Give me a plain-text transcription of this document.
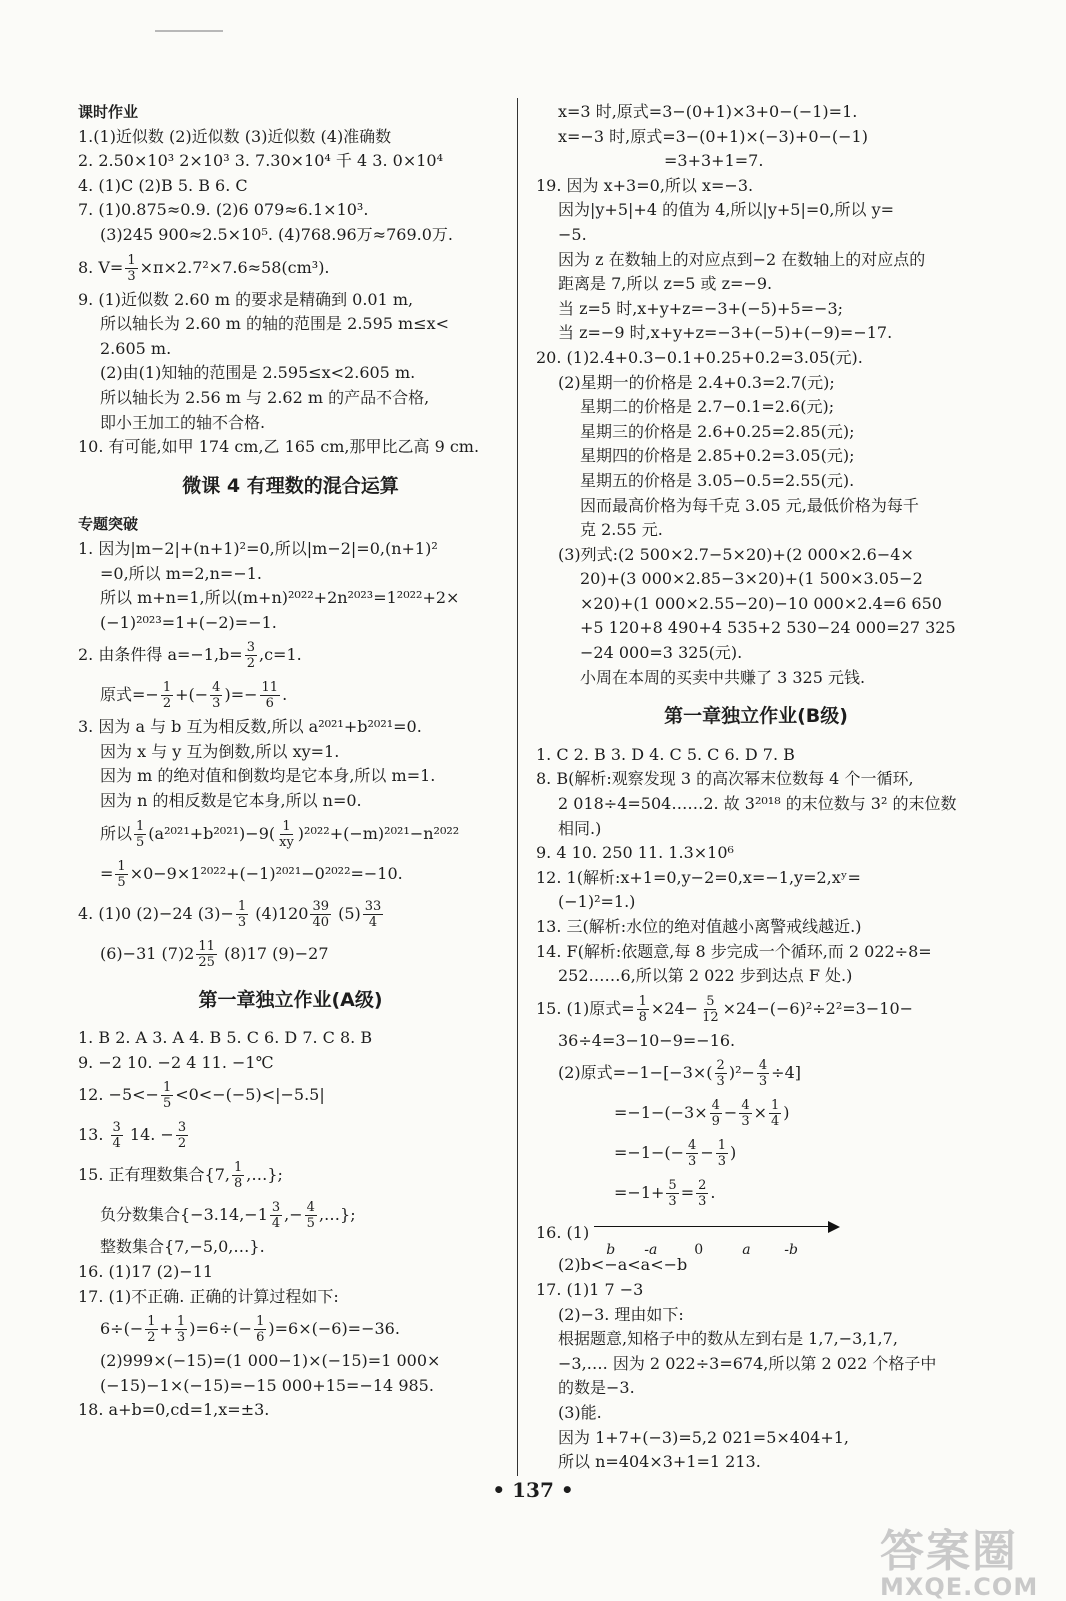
课时作业
1.(1)近似数 (2)近似数 (3)近似数 (4)准确数
2. 2.50×10³ 2×10³ 3. 7.30×10⁴ 千 4 3. 0×10⁴
4. (1)C (2)B 5. B 6. C
7. (1)0.875≈0.9. (2)6 079≈6.1×10³.
(3)245 900≈2.5×10⁵. (4)768.96万≈769.0万.
8. $V= \frac{1}{3} \times\pi\times 2.7^2\times 7.6\approx 58(cm^3)$.
9. (1)近似数 2.60 m 的要求是精确到 0.01 m,
所以轴长为 2.60 m 的轴的范围是 2.595 m≤x<
2.605 m.
(2)由(1)知轴的范围是 2.595≤x<2.605 m.
所以轴长为 2.56 m 与 2.62 m 的产品不合格,
即小王加工的轴不合格.
10. 有可能,如甲 174 cm,乙 165 cm,那甲比乙高 9 cm.
微课 4 有理数的混合运算
专题突破
1. 因为|m−2|+(n+1)²=0,所以|m−2|=0,(n+1)²
=0,所以 m=2,n=−1.
所以 m+n=1,所以(m+n)²⁰²²+2n²⁰²³=1²⁰²²+2×
(−1)²⁰²³=1+(−2)=−1.
2. 由条件得 $a=-1,b= \frac{3}{2} ,c=1$.
原式=− $\frac{1}{2}$ +(− $\frac{4}{3}$ )=− $\frac{11}{6}$ .
3. 因为 a 与 b 互为相反数,所以 a²⁰²¹+b²⁰²¹=0.
因为 x 与 y 互为倒数,所以 xy=1.
因为 m 的绝对值和倒数均是它本身,所以 m=1.
因为 n 的相反数是它本身,所以 n=0.
所以 $\frac{1}{5} (a^{2021}+b^{2021})-9( \frac{1}{xy} )^{2022}+(-m)^{2021}-n^{2022}$
= $\frac{1}{5} \times 0-9\times 1^{2022}+(-1)^{2021}-0^{2022}=-10$.
4. (1)0 (2)−24 $(3)- \frac{1}{3} (4)120 \frac{39}{40} (5) \frac{33}{4}$
(6)−31 $(7)2 \frac{11}{25} (8)17$ (9)−27
第一章独立作业(A级)
1. B 2. A 3. A 4. B 5. C 6. D 7. C 8. B
9. −2 10. −2 4 11. −1℃
12. $-5<- \frac{1}{5} <0<-(-5)<|-5.5|$
13. $\frac{3}{4} 14$. − $\frac{3}{2}$
15. 正有理数集合{7, $\frac{1}{8}$ ,…};
负分数集合{$-3.14,-1 \frac{3}{4}$ ,− $\frac{4}{5}$ ,…};
整数集合{7,−5,0,…}.
16. (1)17 (2)−11
17. (1)不正确. 正确的计算过程如下:
$6\div(- \frac{1}{2} + \frac{1}{3} )=6\div(- \frac{1}{6} )=6\times(-6)=-36$.
(2)999×(−15)=(1 000−1)×(−15)=1 000×
(−15)−1×(−15)=−15 000+15=−14 985.
18. a+b=0,cd=1,x=±3.
x=3 时,原式=3−(0+1)×3+0−(−1)=1.
x=−3 时,原式=3−(0+1)×(−3)+0−(−1)
=3+3+1=7.
19. 因为 x+3=0,所以 x=−3.
因为|y+5|+4 的值为 4,所以|y+5|=0,所以 y=
−5.
因为 z 在数轴上的对应点到−2 在数轴上的对应点的
距离是 7,所以 z=5 或 z=−9.
当 z=5 时,x+y+z=−3+(−5)+5=−3;
当 z=−9 时,x+y+z=−3+(−5)+(−9)=−17.
20. (1)2.4+0.3−0.1+0.25+0.2=3.05(元).
(2)星期一的价格是 2.4+0.3=2.7(元);
星期二的价格是 2.7−0.1=2.6(元);
星期三的价格是 2.6+0.25=2.85(元);
星期四的价格是 2.85+0.2=3.05(元);
星期五的价格是 3.05−0.5=2.55(元).
因而最高价格为每千克 3.05 元,最低价格为每千
克 2.55 元.
(3)列式:(2 500×2.7−5×20)+(2 000×2.6−4×
20)+(3 000×2.85−3×20)+(1 500×3.05−2
×20)+(1 000×2.55−20)−10 000×2.4=6 650
+5 120+8 490+4 535+2 530−24 000=27 325
−24 000=3 325(元).
小周在本周的买卖中共赚了 3 325 元钱.
第一章独立作业(B级)
1. C 2. B 3. D 4. C 5. C 6. D 7. B
8. B(解析:观察发现 3 的高次幂末位数每 4 个一循环,
2 018÷4=504……2. 故 3²⁰¹⁸ 的末位数与 3² 的末位数
相同.)
9. 4 10. 250 11. 1.3×10⁶
12. 1(解析:x+1=0,y−2=0,x=−1,y=2,xʸ=
(−1)²=1.)
13. 三(解析:水位的绝对值越小离警戒线越近.)
14. F(解析:依题意,每 8 步完成一个循环,而 2 022÷8=
252……6,所以第 2 022 步到达点 F 处.)
15. (1)原式= $\frac{1}{8} \times 24- \frac{5}{12} \times 24-(-6)^2\div 2^2=3-10-$
36÷4=3−10−9=−16.
(2)原式$=-1-[-3\times( \frac{2}{3} )^2- \frac{4}{3} \div 4]$
$=-1-(-3\times \frac{4}{9} - \frac{4}{3} \times \frac{1}{4}$ )
$=-1-(- \frac{4}{3} - \frac{1}{3}$ )
$=-1+ \frac{5}{3} = \frac{2}{3}$ .
16. (1)
b -a	0	a -b
(2)b<−a<a<−b
17. (1)1 7 −3
(2)−3. 理由如下:
根据题意,知格子中的数从左到右是 1,7,−3,1,7,
−3,…. 因为 2 022÷3=674,所以第 2 022 个格子中
的数是−3.
(3)能.
因为 1+7+(−3)=5,2 021=5×404+1,
所以 n=404×3+1=1 213.
• 137 •
答案圈
MXQE.COM
